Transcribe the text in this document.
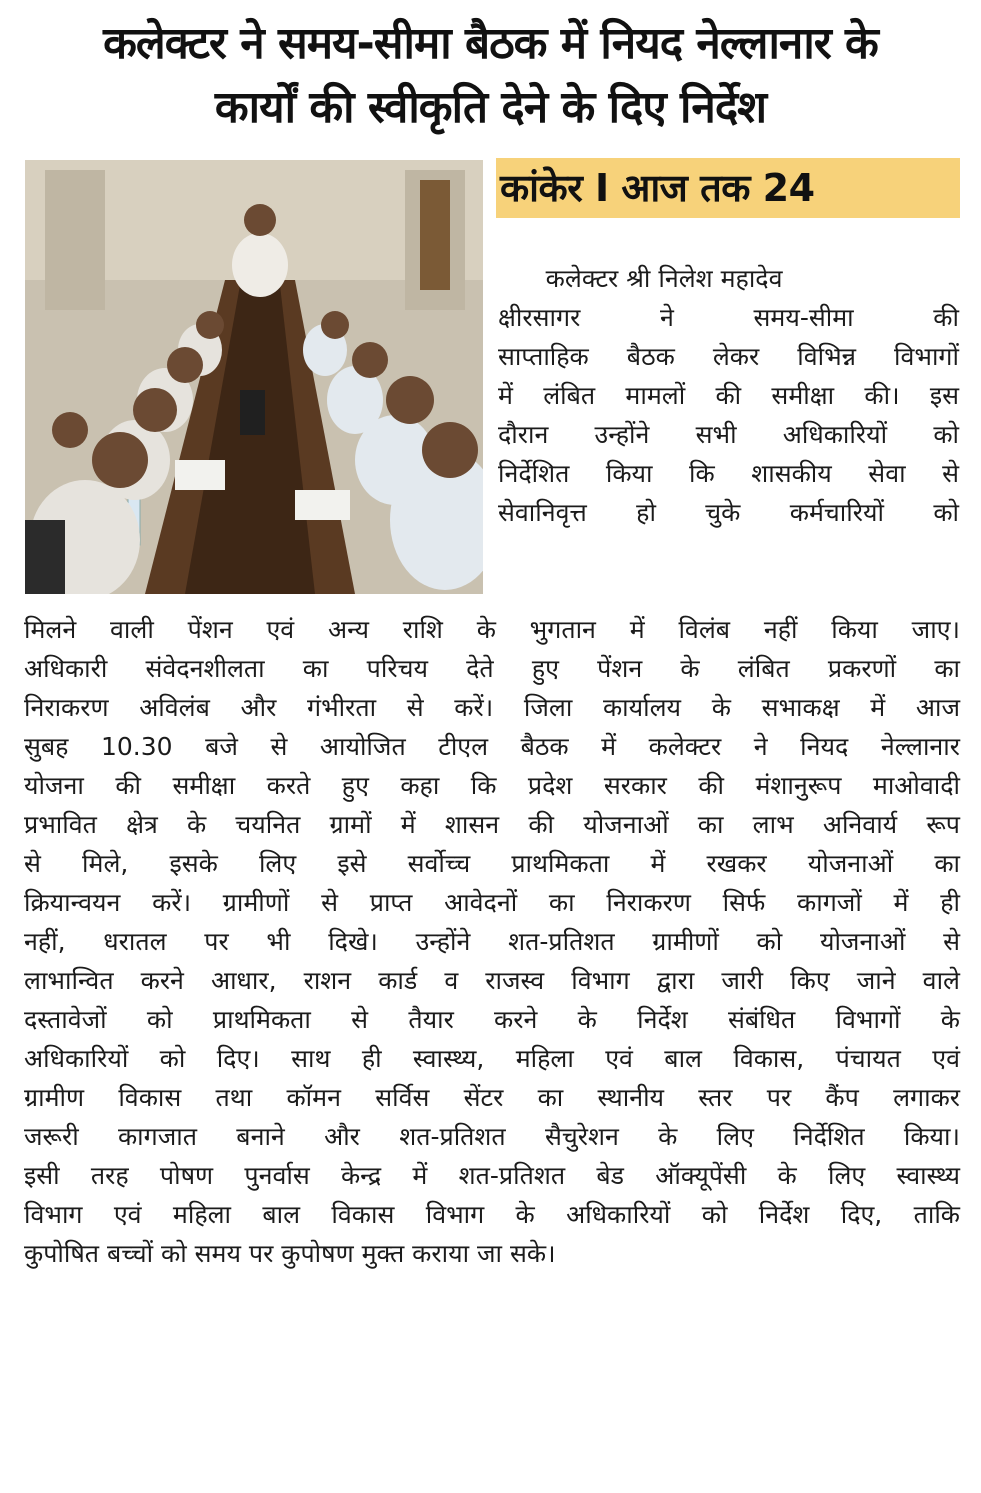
कलेक्टर ने समय-सीमा बैठक में नियद नेल्लानार के
कार्यों की स्वीकृति देने के दिए निर्देश
कांकेर I आज तक 24
कलेक्टर श्री निलेश महादेव
क्षीरसागर ने समय-सीमा की
साप्ताहिक बैठक लेकर विभिन्न विभागों
में लंबित मामलों की समीक्षा की। इस
दौरान उन्होंने सभी अधिकारियों को
निर्देशित किया कि शासकीय सेवा से
सेवानिवृत्त हो चुके कर्मचारियों को
मिलने वाली पेंशन एवं अन्य राशि के भुगतान में विलंब नहीं किया जाए।
अधिकारी संवेदनशीलता का परिचय देते हुए पेंशन के लंबित प्रकरणों का
निराकरण अविलंब और गंभीरता से करें। जिला कार्यालय के सभाकक्ष में आज
सुबह 10.30 बजे से आयोजित टीएल बैठक में कलेक्टर ने नियद नेल्लानार
योजना की समीक्षा करते हुए कहा कि प्रदेश सरकार की मंशानुरूप माओवादी
प्रभावित क्षेत्र के चयनित ग्रामों में शासन की योजनाओं का लाभ अनिवार्य रूप
से मिले, इसके लिए इसे सर्वोच्च प्राथमिकता में रखकर योजनाओं का
क्रियान्वयन करें। ग्रामीणों से प्राप्त आवेदनों का निराकरण सिर्फ कागजों में ही
नहीं, धरातल पर भी दिखे। उन्होंने शत-प्रतिशत ग्रामीणों को योजनाओं से
लाभान्वित करने आधार, राशन कार्ड व राजस्व विभाग द्वारा जारी किए जाने वाले
दस्तावेजों को प्राथमिकता से तैयार करने के निर्देश संबंधित विभागों के
अधिकारियों को दिए। साथ ही स्वास्थ्य, महिला एवं बाल विकास, पंचायत एवं
ग्रामीण विकास तथा कॉमन सर्विस सेंटर का स्थानीय स्तर पर कैंप लगाकर
जरूरी कागजात बनाने और शत-प्रतिशत सैचुरेशन के लिए निर्देशित किया।
इसी तरह पोषण पुनर्वास केन्द्र में शत-प्रतिशत बेड ऑक्यूपेंसी के लिए स्वास्थ्य
विभाग एवं महिला बाल विकास विभाग के अधिकारियों को निर्देश दिए, ताकि
कुपोषित बच्चों को समय पर कुपोषण मुक्त कराया जा सके।
